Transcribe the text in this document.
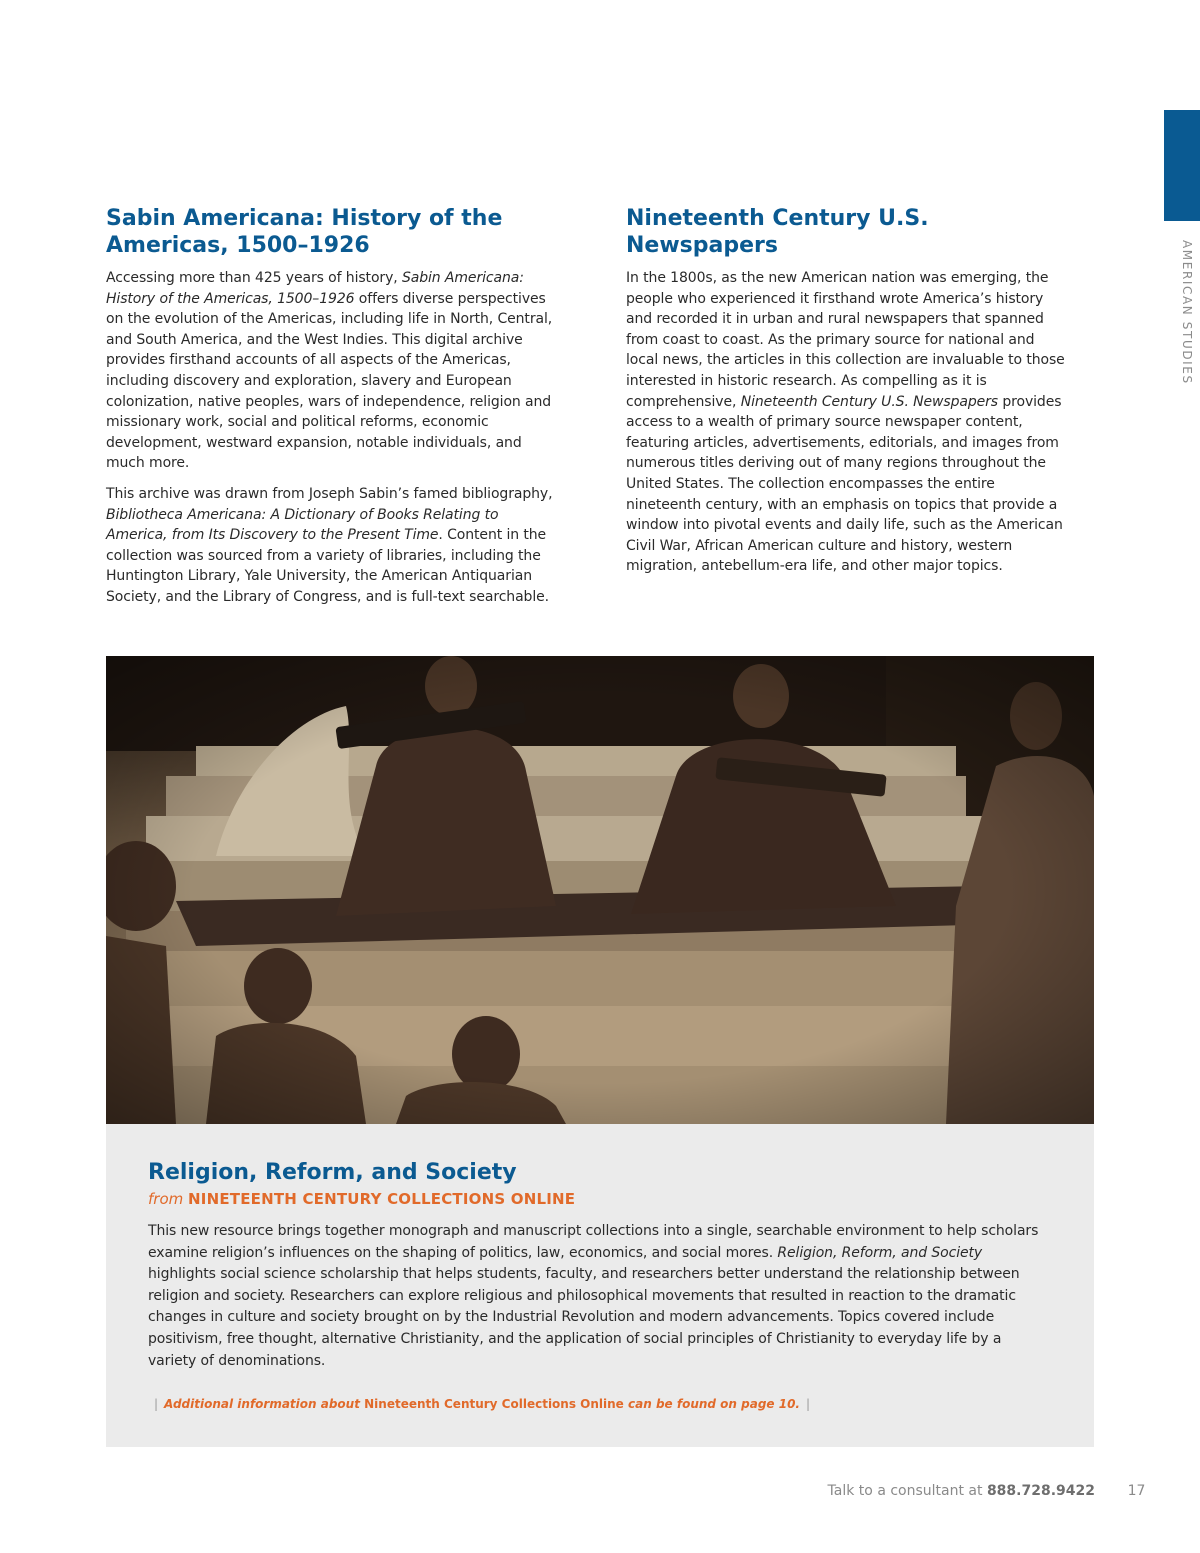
AMERICAN STUDIES
Sabin Americana: History of the Americas, 1500–1926

Accessing more than 425 years of history, Sabin Americana: History of the Americas, 1500–1926 offers diverse perspectives on the evolution of the Americas, including life in North, Central, and South America, and the West Indies. This digital archive provides firsthand accounts of all aspects of the Americas, including discovery and exploration, slavery and European colonization, native peoples, wars of independence, religion and missionary work, social and political reforms, economic development, westward expansion, notable individuals, and much more.

This archive was drawn from Joseph Sabin’s famed bibliography, Bibliotheca Americana: A Dictionary of Books Relating to America, from Its Discovery to the Present Time. Content in the collection was sourced from a variety of libraries, including the Huntington Library, Yale University, the American Antiquarian Society, and the Library of Congress, and is full-text searchable.

Nineteenth Century U.S. Newspapers

In the 1800s, as the new American nation was emerging, the people who experienced it firsthand wrote America’s history and recorded it in urban and rural newspapers that spanned from coast to coast. As the primary source for national and local news, the articles in this collection are invaluable to those interested in historic research. As compelling as it is comprehensive, Nineteenth Century U.S. Newspapers provides access to a wealth of primary source newspaper content, featuring articles, advertisements, editorials, and images from numerous titles deriving out of many regions throughout the United States. The collection encompasses the entire nineteenth century, with an emphasis on topics that provide a window into pivotal events and daily life, such as the American Civil War, African American culture and history, western migration, antebellum-era life, and other major topics.

Religion, Reform, and Society
from NINETEENTH CENTURY COLLECTIONS ONLINE

This new resource brings together monograph and manuscript collections into a single, searchable environment to help scholars examine religion’s influences on the shaping of politics, law, economics, and social mores. Religion, Reform, and Society highlights social science scholarship that helps students, faculty, and researchers better understand the relationship between religion and society. Researchers can explore religious and philosophical movements that resulted in reaction to the dramatic changes in culture and society brought on by the Industrial Revolution and modern advancements. Topics covered include positivism, free thought, alternative Christianity, and the application of social principles of Christianity to everyday life by a variety of denominations.

| Additional information about Nineteenth Century Collections Online can be found on page 10. |
Talk to a consultant at 888.728.9422 17
